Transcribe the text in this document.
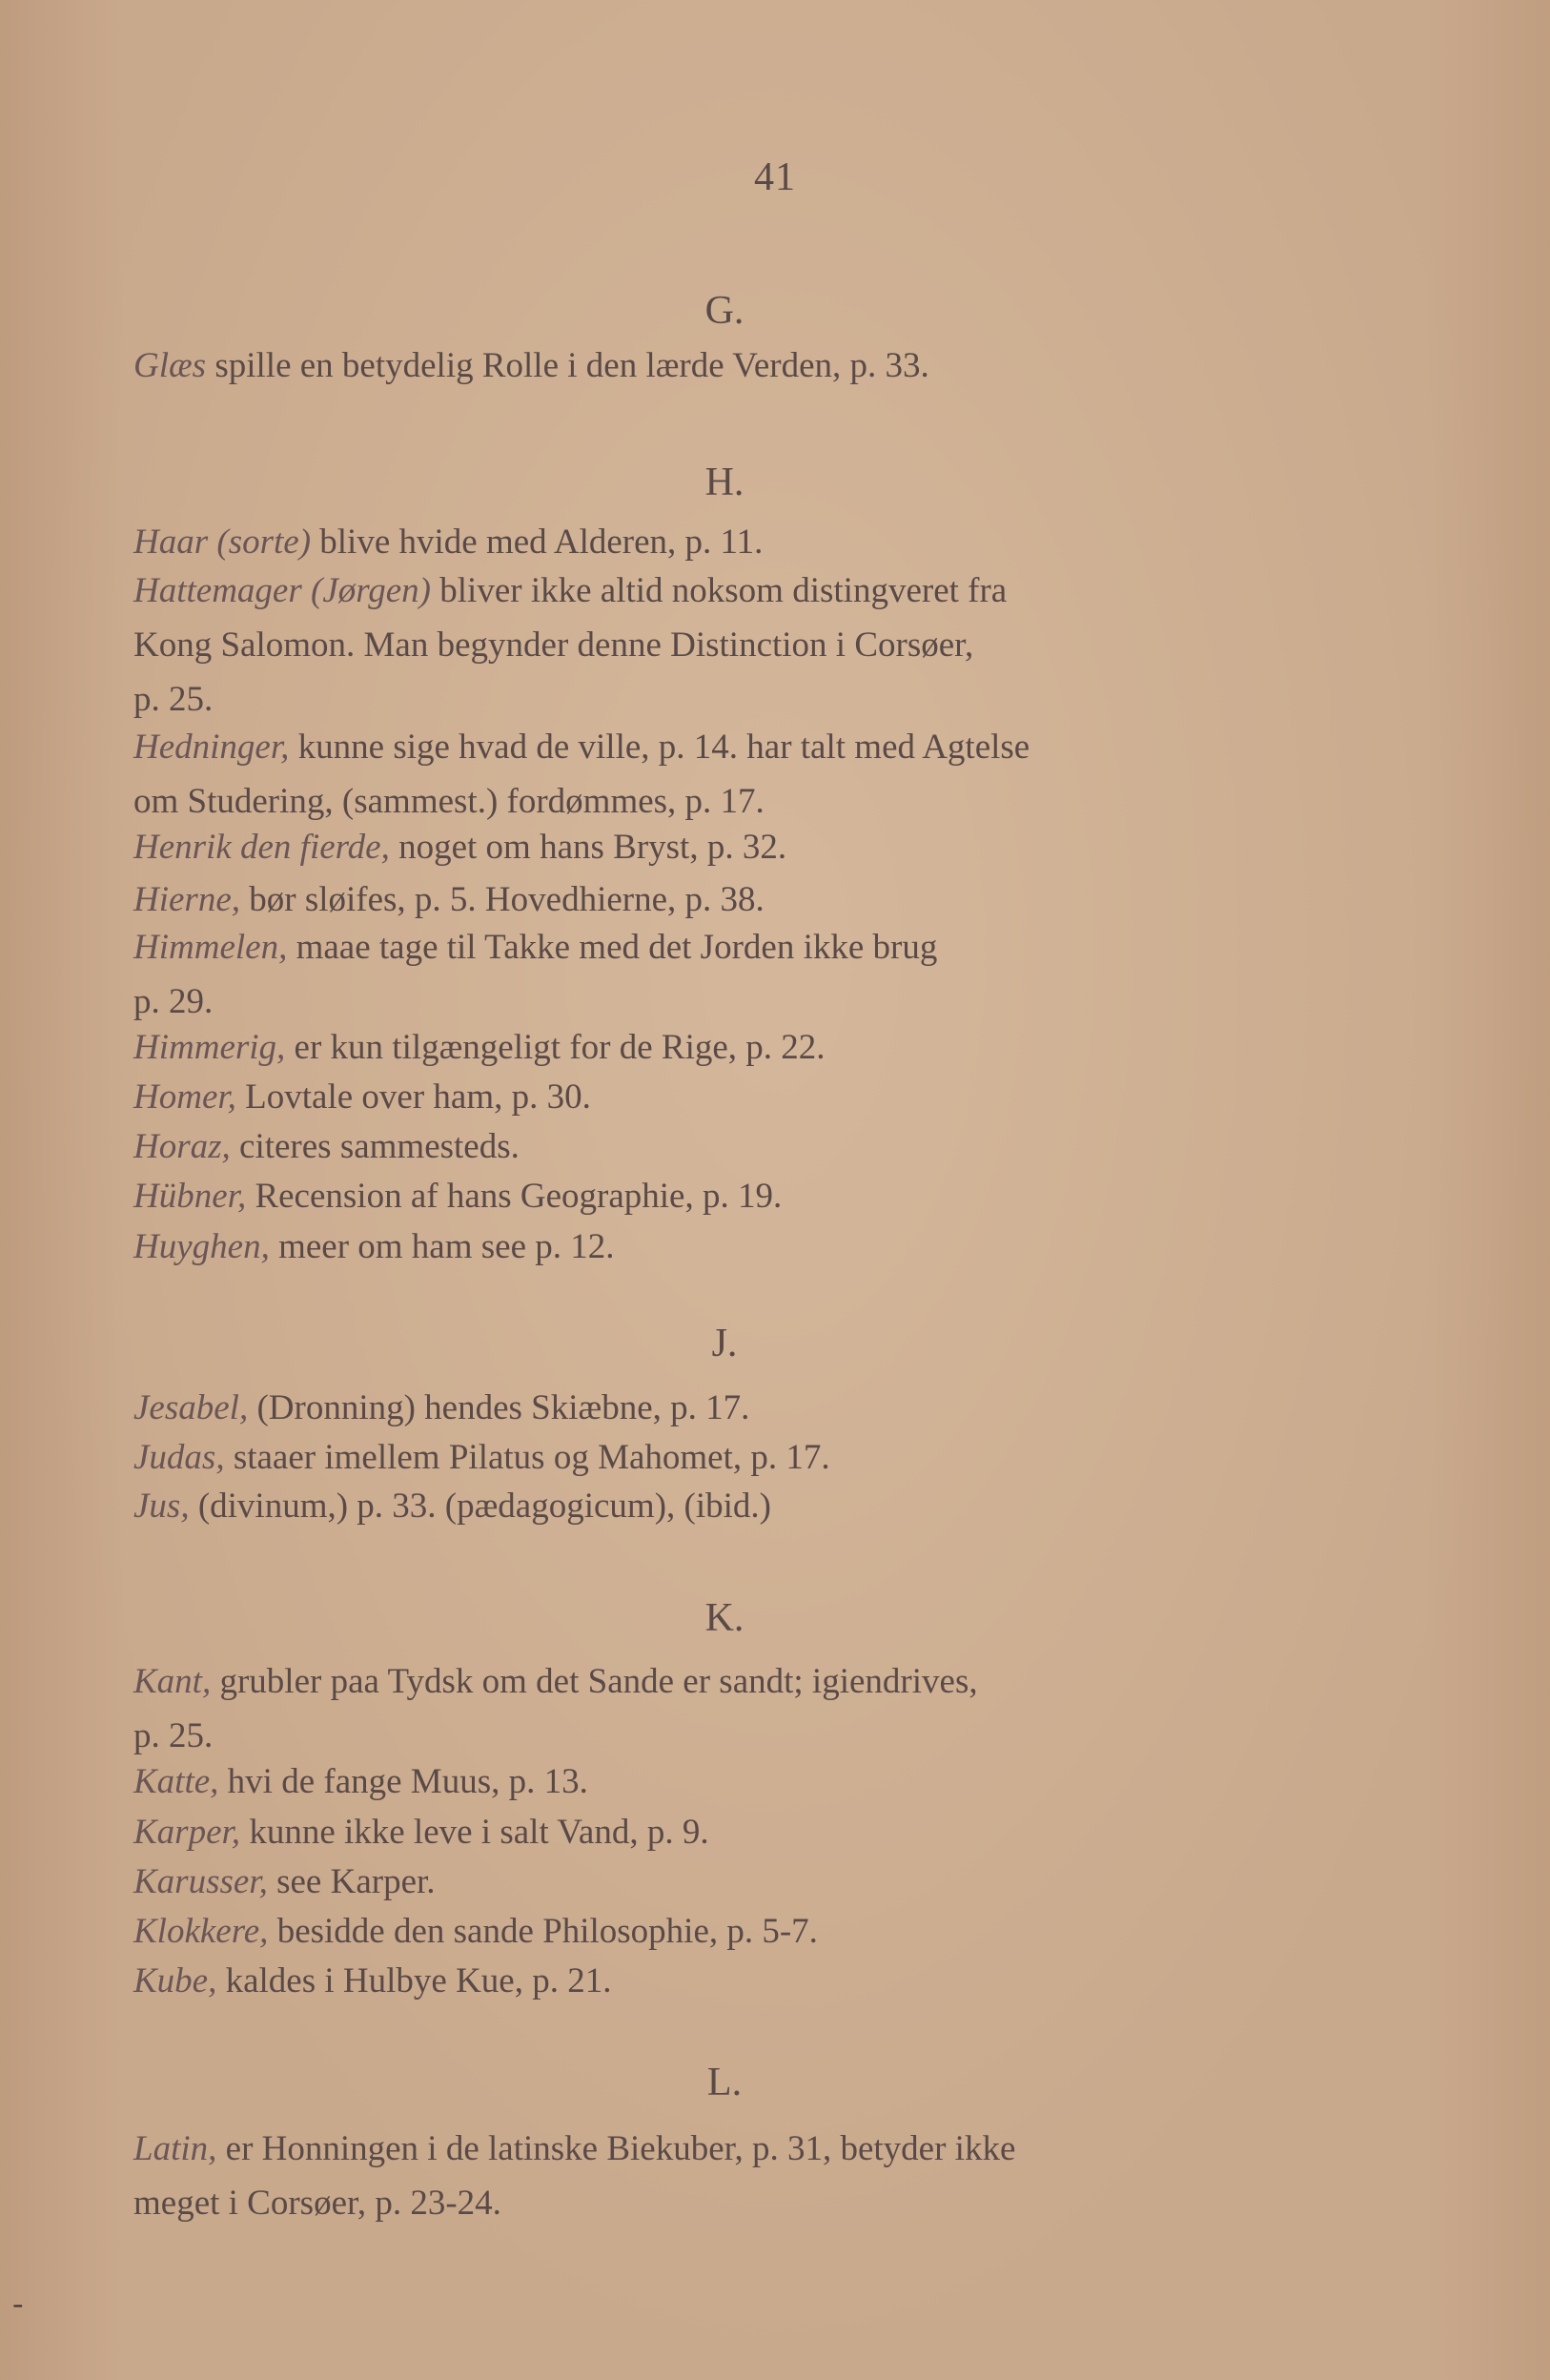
41
G.
Glæs spille en betydelig Rolle i den lærde Verden, p. 33.
H.
Haar (sorte) blive hvide med Alderen, p. 11.
Hattemager (Jørgen) bliver ikke altid noksom distingveret fra
Kong Salomon. Man begynder denne Distinction i Corsøer,
p. 25.
Hedninger, kunne sige hvad de ville, p. 14. har talt med Agtelse
om Studering, (sammest.) fordømmes, p. 17.
Henrik den fierde, noget om hans Bryst, p. 32.
Hierne, bør sløifes, p. 5. Hovedhierne, p. 38.
Himmelen, maae tage til Takke med det Jorden ikke brug
p. 29.
Himmerig, er kun tilgængeligt for de Rige, p. 22.
Homer, Lovtale over ham, p. 30.
Horaz, citeres sammesteds.
Hübner, Recension af hans Geographie, p. 19.
Huyghen, meer om ham see p. 12.
J.
Jesabel, (Dronning) hendes Skiæbne, p. 17.
Judas, staaer imellem Pilatus og Mahomet, p. 17.
Jus, (divinum,) p. 33. (pædagogicum), (ibid.)
K.
Kant, grubler paa Tydsk om det Sande er sandt; igiendrives,
p. 25.
Katte, hvi de fange Muus, p. 13.
Karper, kunne ikke leve i salt Vand, p. 9.
Karusser, see Karper.
Klokkere, besidde den sande Philosophie, p. 5-7.
Kube, kaldes i Hulbye Kue, p. 21.
L.
Latin, er Honningen i de latinske Biekuber, p. 31, betyder ikke
meget i Corsøer, p. 23-24.
╶
